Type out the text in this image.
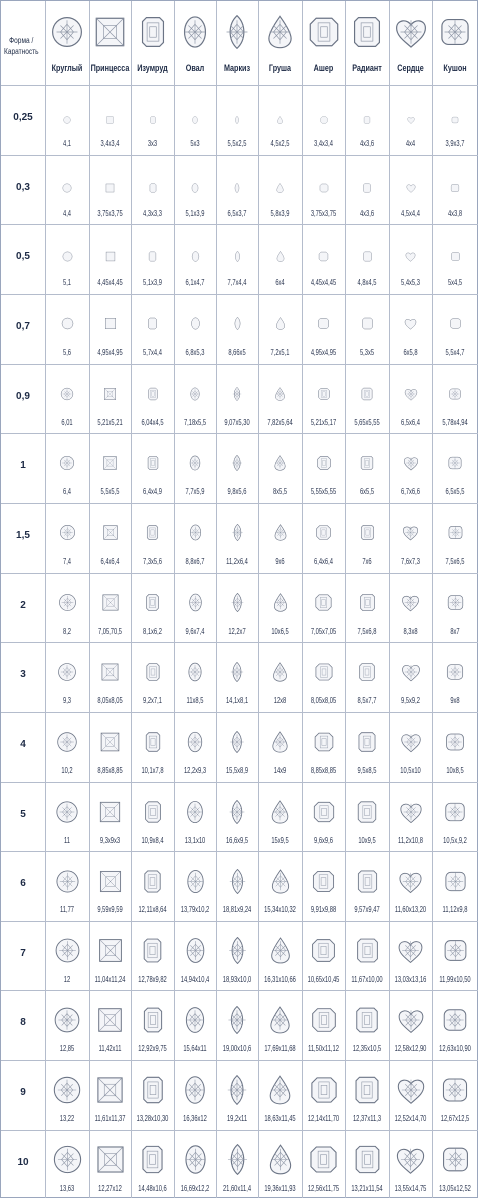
Форма /
Каратность
Круглый Принцесса Изумруд	Овал	Маркиз	Груша	Ашер	Радиант	Сердце	Кушон
0,25
4,1	3,4x3,4	3x3	5x3	5,5x2,5	4,5x2,5	3,4x3,4	4x3,6	4x4	3,9x3,7
0,3
4,4	3,75x3,75	4,3x3,3	5,1x3,9	6,5x3,7	5,8x3,9	3,75x3,75	4x3,6	4,5x4,4	4x3,8
0,5
5,1	4,45x4,45	5,1x3,9	6,1x4,7	7,7x4,4	6x4	4,45x4,45	4,8x4,5	5,4x5,3	5x4,5
0,7
5,6	4,95x4,95	5,7x4,4	6,8x5,3	8,66x5	7,2x5,1	4,95x4,95	5,3x5	6x5,8	5,5x4,7
0,9
6,01	5,21x5,21	6,04x4,5	7,18x5,5	9,07x5,30	7,82x5,64	5,21x5,17	5,65x5,55	6,5x6,4	5,78x4,94
1
6,4	5,5x5,5	6,4x4,9	7,7x5,9	9,8x5,6	8x5,5	5,55x5,55	6x5,5	6,7x6,6	6,5x5,5
1,5
7,4	6,4x6,4	7,3x5,6	8,8x6,7	11,2x6,4	9x6	6,4x6,4	7x6	7,6x7,3	7,5x6,5
2
8,2	7,05,70,5	8,1x6,2	9,6x7,4	12,2x7	10x6,5	7,05x7,05	7,5x6,8	8,3x8	8x7
3
9,3	8,05x8,05	9,2x7,1	11x8,5	14,1x8,1	12x8	8,05x8,05	8,5x7,7	9,5x9,2	9x8
4
10,2	8,85x8,85	10,1x7,8	12,2x9,3	15,5x8,9	14x9	8,85x8,85	9,5x8,5	10,5x10	10x8,5
5
11	9,3x9x3	10,9x8,4	13,1x10	16,6x9,5	15x9,5	9,6x9,6	10x9,5	11,2x10,8	10,5x,9,2
6
11,77	9,59x9,59	12,11x8,64	13,79x10,2	18,81x9,24	15,34x10,32	9,91x9,88	9,57x9,47	11,60x13,20	11,12x9,8
7
12	11,04x11,24	12,78x9,82	14,94x10,4	18,93x10,0	16,31x10,66	10,65x10,45	11,67x10,00	13,03x13,16	11,99x10,50
8
12,85	11,42x11	12,92x9,75	15,64x11	19,00x10,6	17,69x11,68	11,50x11,12	12,35x10,5	12,58x12,90	12,63x10,90
9
13,22	11,61x11,37	13,28x10,30	16,36x12	19,2x11	18,63x11,45	12,14x11,70	12,37x11,3	12,52x14,70	12,67x12,5
10
13,63	12,27x12	14,48x10,6	16,69x12,2	21,60x11,4	19,36x11,93	12,56x11,75	13,21x11,54	13,55x14,75	13,05x12,52
